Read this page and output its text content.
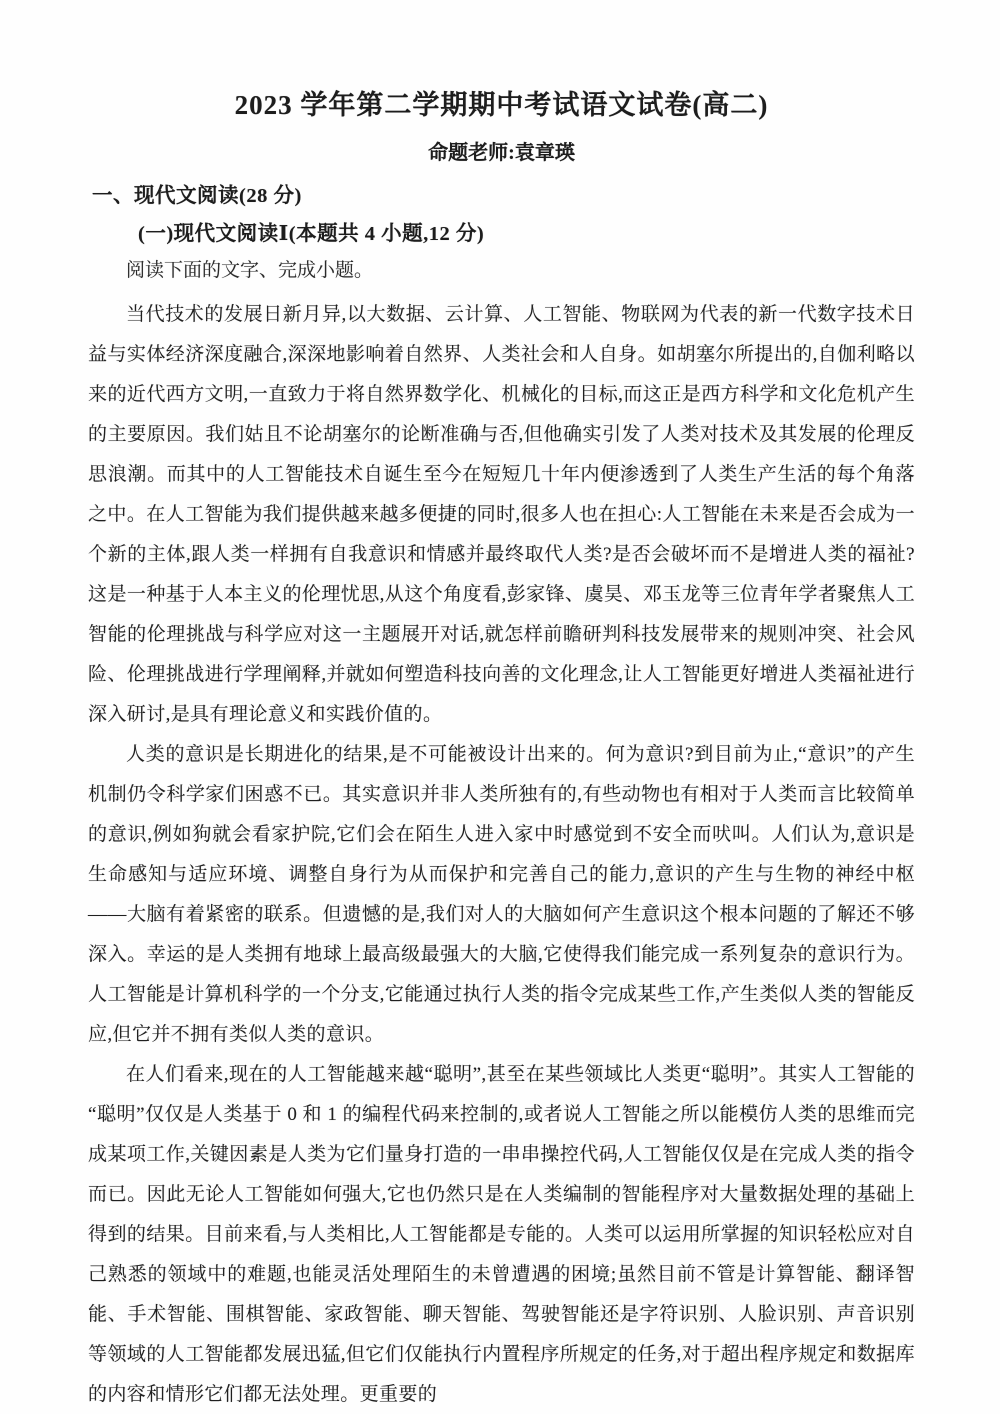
2023 学年第二学期期中考试语文试卷(高二)
命题老师:袁章瑛
一、现代文阅读(28 分)
(一)现代文阅读Ⅰ(本题共 4 小题,12 分)

阅读下面的文字、完成小题。

当代技术的发展日新月异,以大数据、云计算、人工智能、物联网为代表的新一代数字技术日益与实体经济深度融合,深深地影响着自然界、人类社会和人自身。如胡塞尔所提出的,自伽利略以来的近代西方文明,一直致力于将自然界数学化、机械化的目标,而这正是西方科学和文化危机产生的主要原因。我们姑且不论胡塞尔的论断准确与否,但他确实引发了人类对技术及其发展的伦理反思浪潮。而其中的人工智能技术自诞生至今在短短几十年内便渗透到了人类生产生活的每个角落之中。在人工智能为我们提供越来越多便捷的同时,很多人也在担心:人工智能在未来是否会成为一个新的主体,跟人类一样拥有自我意识和情感并最终取代人类?是否会破坏而不是增进人类的福祉?这是一种基于人本主义的伦理忧思,从这个角度看,彭家锋、虞昊、邓玉龙等三位青年学者聚焦人工智能的伦理挑战与科学应对这一主题展开对话,就怎样前瞻研判科技发展带来的规则冲突、社会风险、伦理挑战进行学理阐释,并就如何塑造科技向善的文化理念,让人工智能更好增进人类福祉进行深入研讨,是具有理论意义和实践价值的。

人类的意识是长期进化的结果,是不可能被设计出来的。何为意识?到目前为止,“意识”的产生机制仍令科学家们困惑不已。其实意识并非人类所独有的,有些动物也有相对于人类而言比较简单的意识,例如狗就会看家护院,它们会在陌生人进入家中时感觉到不安全而吠叫。人们认为,意识是生命感知与适应环境、调整自身行为从而保护和完善自己的能力,意识的产生与生物的神经中枢——大脑有着紧密的联系。但遗憾的是,我们对人的大脑如何产生意识这个根本问题的了解还不够深入。幸运的是人类拥有地球上最高级最强大的大脑,它使得我们能完成一系列复杂的意识行为。人工智能是计算机科学的一个分支,它能通过执行人类的指令完成某些工作,产生类似人类的智能反应,但它并不拥有类似人类的意识。

在人们看来,现在的人工智能越来越“聪明”,甚至在某些领域比人类更“聪明”。其实人工智能的“聪明”仅仅是人类基于 0 和 1 的编程代码来控制的,或者说人工智能之所以能模仿人类的思维而完成某项工作,关键因素是人类为它们量身打造的一串串操控代码,人工智能仅仅是在完成人类的指令而已。因此无论人工智能如何强大,它也仍然只是在人类编制的智能程序对大量数据处理的基础上得到的结果。目前来看,与人类相比,人工智能都是专能的。人类可以运用所掌握的知识轻松应对自己熟悉的领域中的难题,也能灵活处理陌生的未曾遭遇的困境;虽然目前不管是计算智能、翻译智能、手术智能、围棋智能、家政智能、聊天智能、驾驶智能还是字符识别、人脸识别、声音识别等领域的人工智能都发展迅猛,但它们仅能执行内置程序所规定的任务,对于超出程序规定和数据库的内容和情形它们都无法处理。更重要的
